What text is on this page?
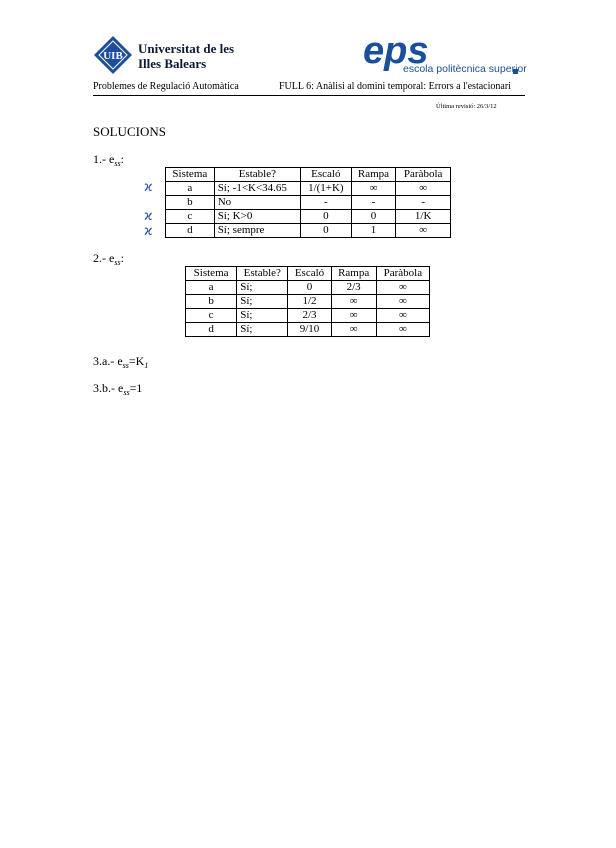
UIB Universitat de les
Illes Balears	eps
escola politècnica superior
Problemes de Regulació Automàtica	FULL 6: Anàlisi al domini temporal: Errors a l'estacionari
Última revisió: 26/3/12
SOLUCIONS
1.- $e_{ss}$:
ϰ
ϰ
ϰ
Sistema	Estable?	Escaló	Rampa	Paràbola
a	Sí; -1<K<34.65	1/(1+K)	∞	∞
b	No	-	-	-
c	Sí; K>0	0	0	1/K
d	Sí; sempre	0	1	∞
2.- $e_{ss}$:
Sistema	Estable?	Escaló	Rampa	Paràbola
a	Sí;	0	2/3	∞
b	Sí;	1/2	∞	∞
c	Sí;	2/3	∞	∞
d	Sí;	9/10	∞	∞
3.a.- $e_{ss}=K_1$
3.b.- $e_{ss}=1$
